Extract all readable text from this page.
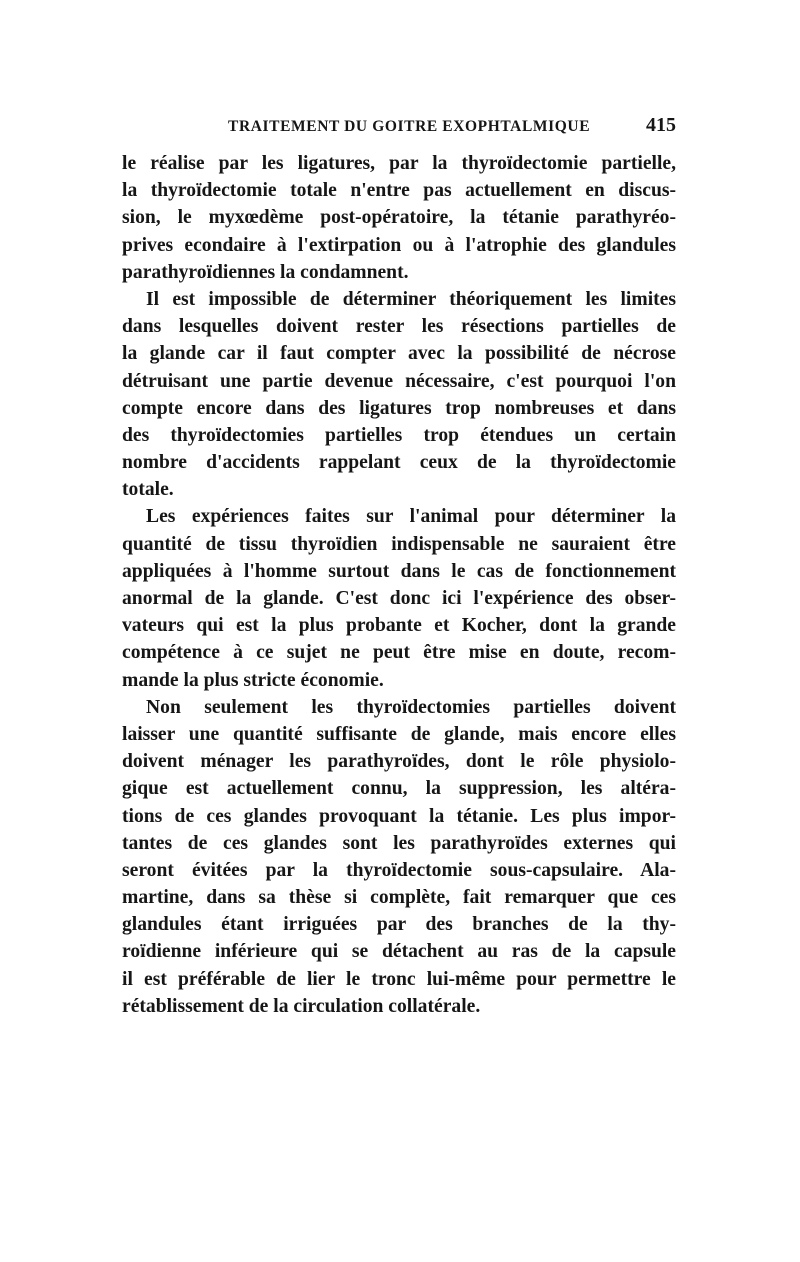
TRAITEMENT DU GOITRE EXOPHTALMIQUE	415
le réalise par les ligatures, par la thyroïdectomie partielle,
la thyroïdectomie totale n'entre pas actuellement en discus-
sion, le myxœdème post-opératoire, la tétanie parathyréo-
prives econdaire à l'extirpation ou à l'atrophie des glandules
parathyroïdiennes la condamnent.
Il est impossible de déterminer théoriquement les limites
dans lesquelles doivent rester les résections partielles de
la glande car il faut compter avec la possibilité de nécrose
détruisant une partie devenue nécessaire, c'est pourquoi l'on
compte encore dans des ligatures trop nombreuses et dans
des thyroïdectomies partielles trop étendues un certain
nombre d'accidents rappelant ceux de la thyroïdectomie
totale.
Les expériences faites sur l'animal pour déterminer la
quantité de tissu thyroïdien indispensable ne sauraient être
appliquées à l'homme surtout dans le cas de fonctionnement
anormal de la glande. C'est donc ici l'expérience des obser-
vateurs qui est la plus probante et Kocher, dont la grande
compétence à ce sujet ne peut être mise en doute, recom-
mande la plus stricte économie.
Non seulement les thyroïdectomies partielles doivent
laisser une quantité suffisante de glande, mais encore elles
doivent ménager les parathyroïdes, dont le rôle physiolo-
gique est actuellement connu, la suppression, les altéra-
tions de ces glandes provoquant la tétanie. Les plus impor-
tantes de ces glandes sont les parathyroïdes externes qui
seront évitées par la thyroïdectomie sous-capsulaire. Ala-
martine, dans sa thèse si complète, fait remarquer que ces
glandules étant irriguées par des branches de la thy-
roïdienne inférieure qui se détachent au ras de la capsule
il est préférable de lier le tronc lui-même pour permettre le
rétablissement de la circulation collatérale.
